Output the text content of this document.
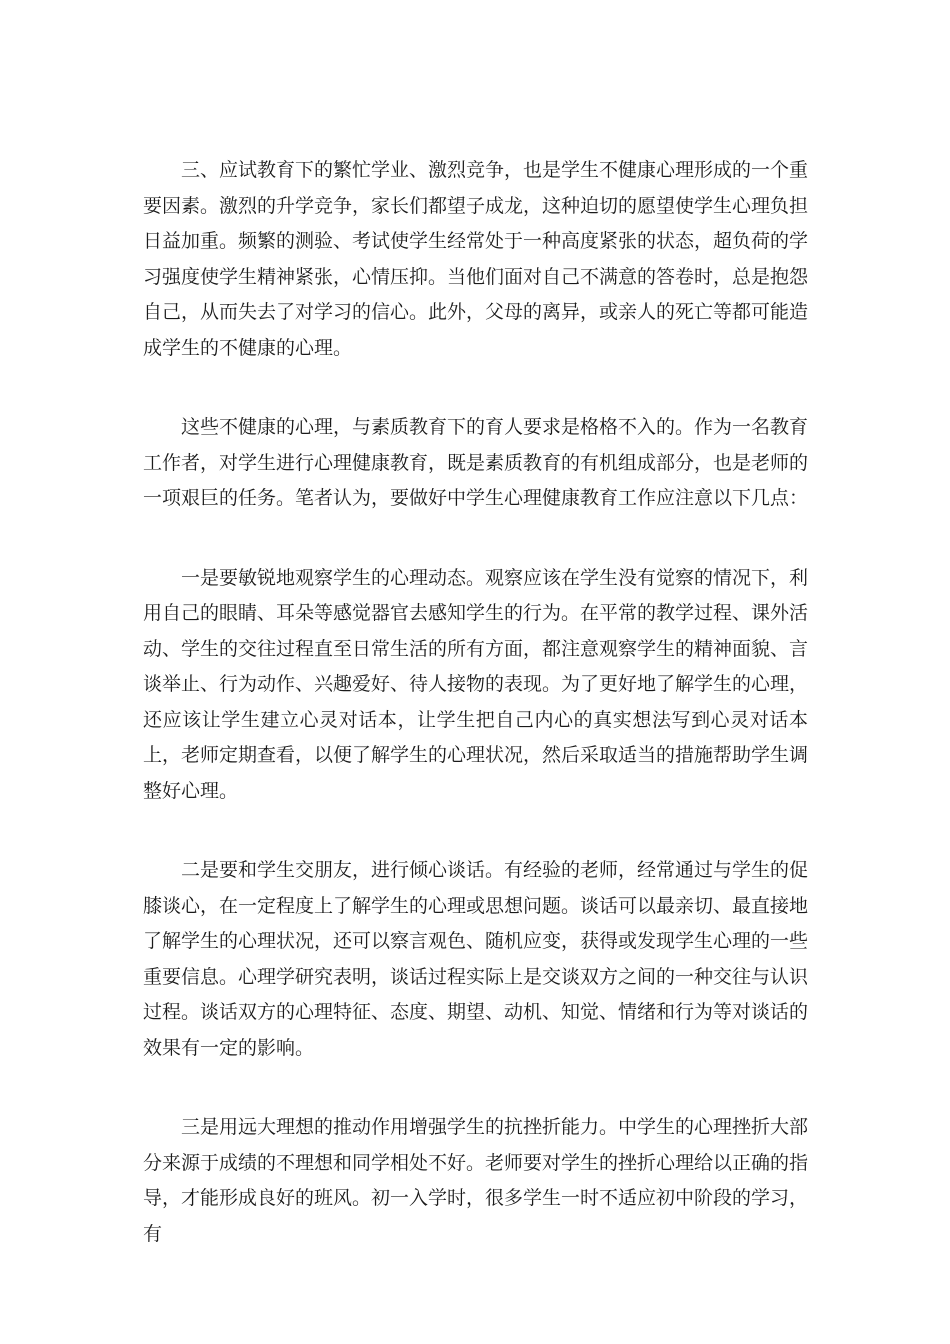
三、应试教育下的繁忙学业、激烈竞争，也是学生不健康心理形成的一个重要因素。激烈的升学竞争，家长们都望子成龙，这种迫切的愿望使学生心理负担日益加重。频繁的测验、考试使学生经常处于一种高度紧张的状态，超负荷的学习强度使学生精神紧张，心情压抑。当他们面对自己不满意的答卷时，总是抱怨自己，从而失去了对学习的信心。此外，父母的离异，或亲人的死亡等都可能造成学生的不健康的心理。

这些不健康的心理，与素质教育下的育人要求是格格不入的。作为一名教育工作者，对学生进行心理健康教育，既是素质教育的有机组成部分，也是老师的一项艰巨的任务。笔者认为，要做好中学生心理健康教育工作应注意以下几点：

一是要敏锐地观察学生的心理动态。观察应该在学生没有觉察的情况下，利用自己的眼睛、耳朵等感觉器官去感知学生的行为。在平常的教学过程、课外活动、学生的交往过程直至日常生活的所有方面，都注意观察学生的精神面貌、言谈举止、行为动作、兴趣爱好、待人接物的表现。为了更好地了解学生的心理，还应该让学生建立心灵对话本，让学生把自己内心的真实想法写到心灵对话本上，老师定期查看，以便了解学生的心理状况，然后采取适当的措施帮助学生调整好心理。

二是要和学生交朋友，进行倾心谈话。有经验的老师，经常通过与学生的促膝谈心，在一定程度上了解学生的心理或思想问题。谈话可以最亲切、最直接地了解学生的心理状况，还可以察言观色、随机应变，获得或发现学生心理的一些重要信息。心理学研究表明，谈话过程实际上是交谈双方之间的一种交往与认识过程。谈话双方的心理特征、态度、期望、动机、知觉、情绪和行为等对谈话的效果有一定的影响。

三是用远大理想的推动作用增强学生的抗挫折能力。中学生的心理挫折大部分来源于成绩的不理想和同学相处不好。老师要对学生的挫折心理给以正确的指导，才能形成良好的班风。初一入学时，很多学生一时不适应初中阶段的学习，有
